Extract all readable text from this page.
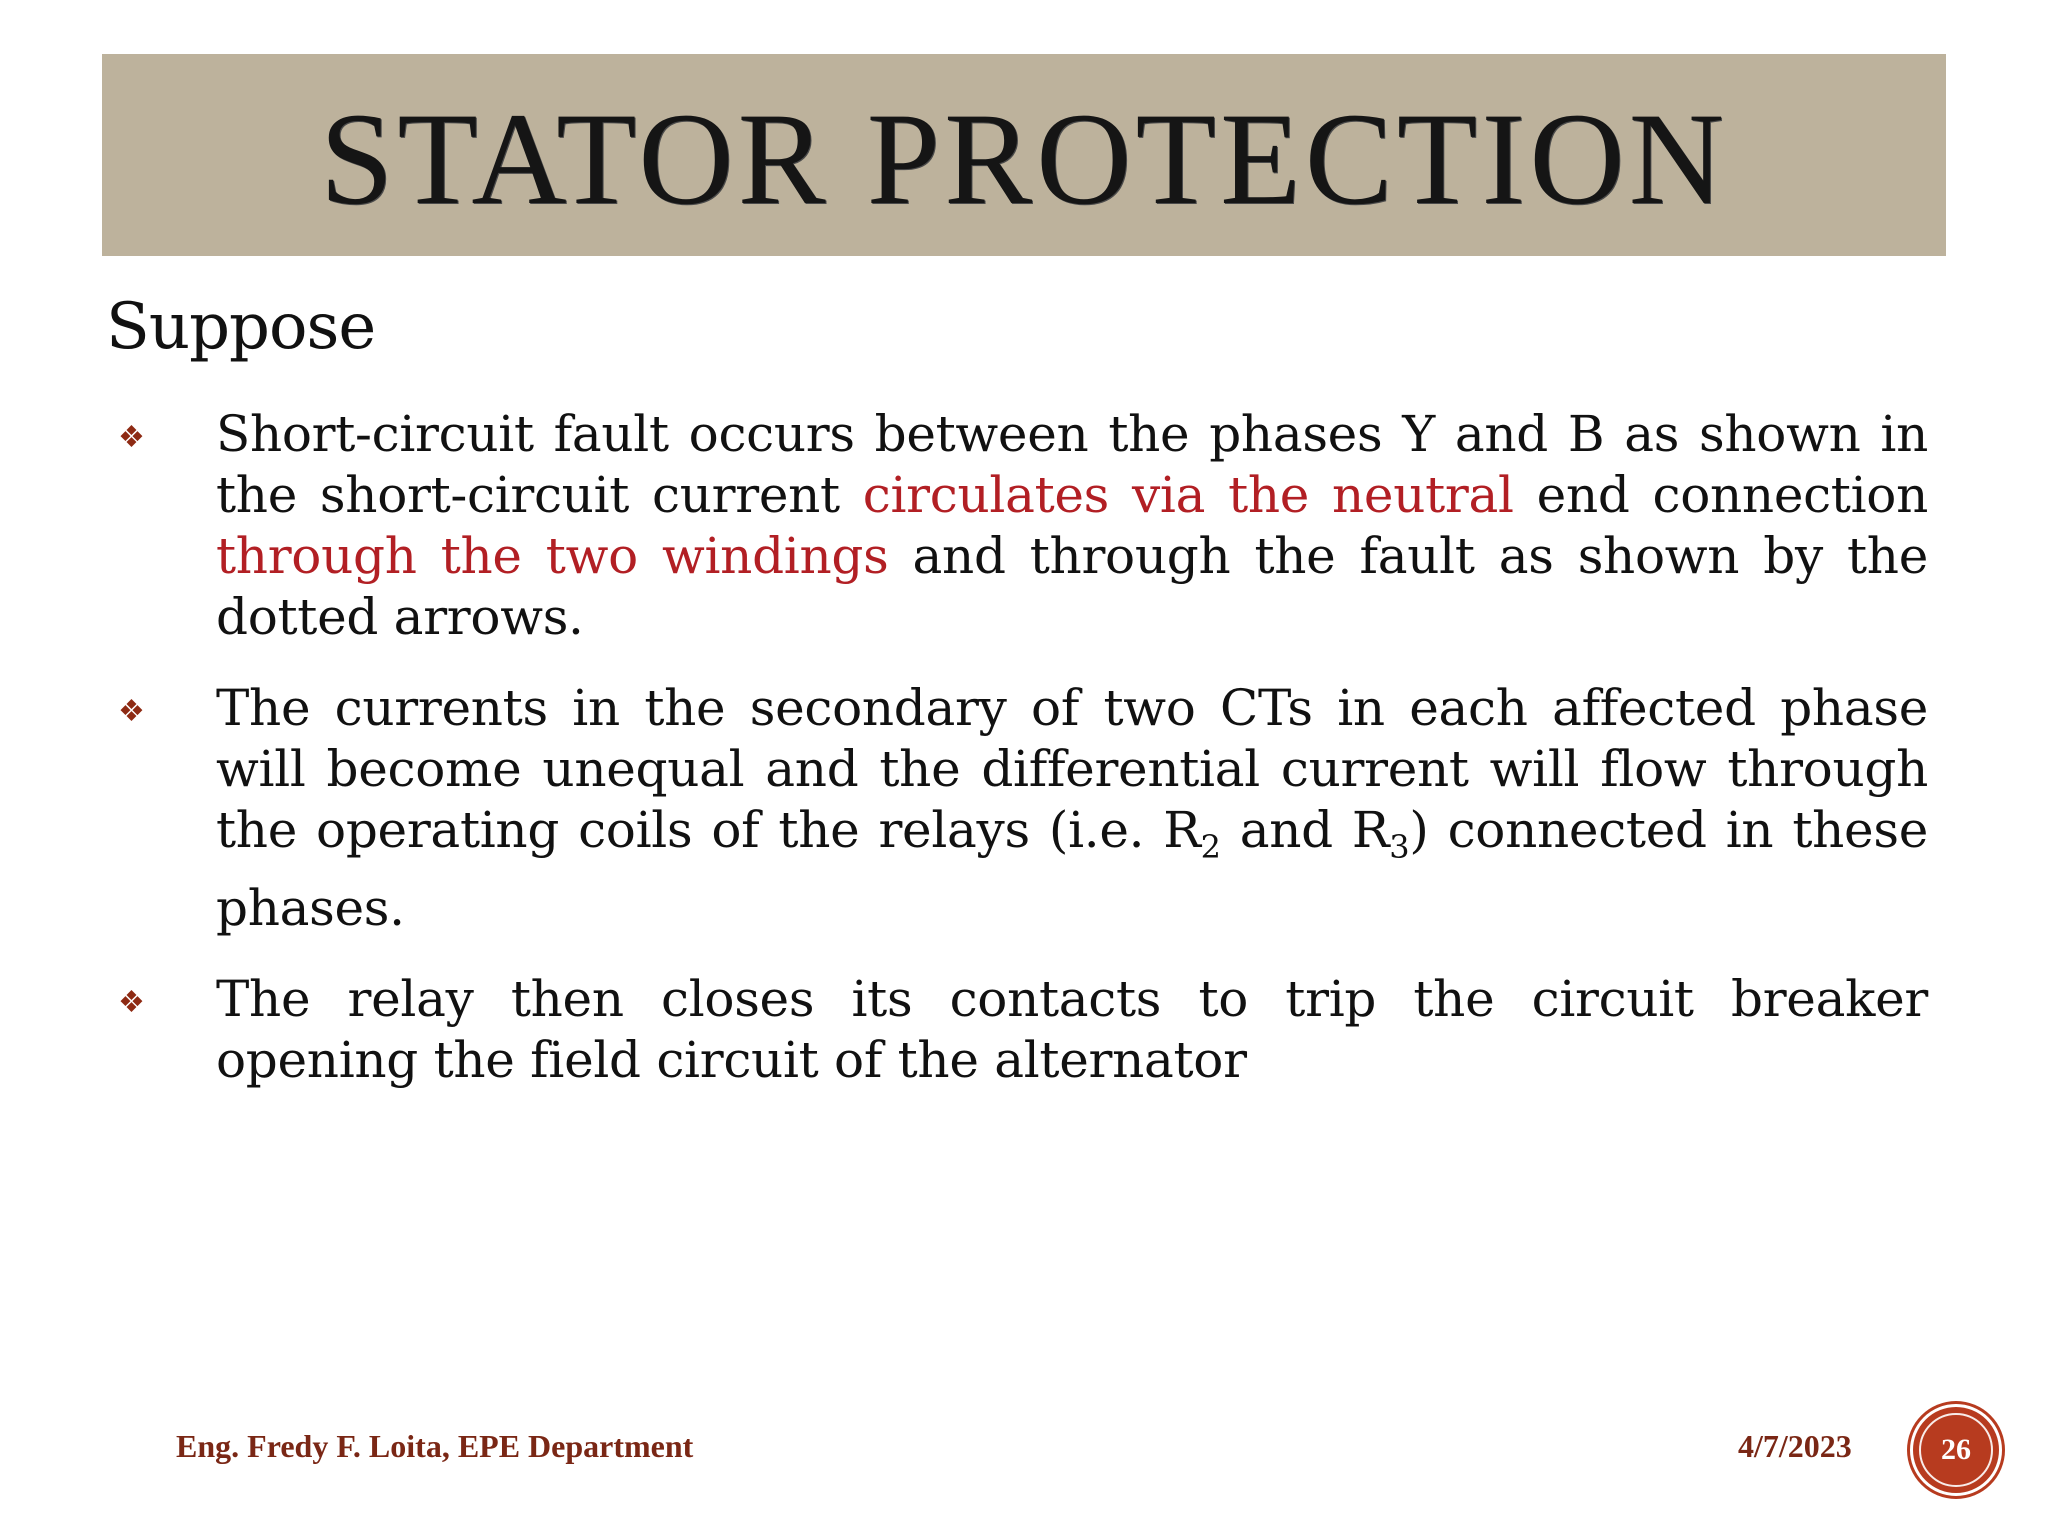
STATOR PROTECTION
Suppose
❖	Short-circuit fault occurs between the phases Y and B as shown in the short-circuit current circulates via the neutral end connection through the two windings and through the fault as shown by the dotted arrows.
❖	The currents in the secondary of two CTs in each affected phase will become unequal and the differential current will flow through the operating coils of the relays (i.e. $R_2$ and $R_3$) connected in these phases.
❖	The relay then closes its contacts to trip the circuit breaker opening the field circuit of the alternator
Eng. Fredy F. Loita, EPE Department	4/7/2023	26
